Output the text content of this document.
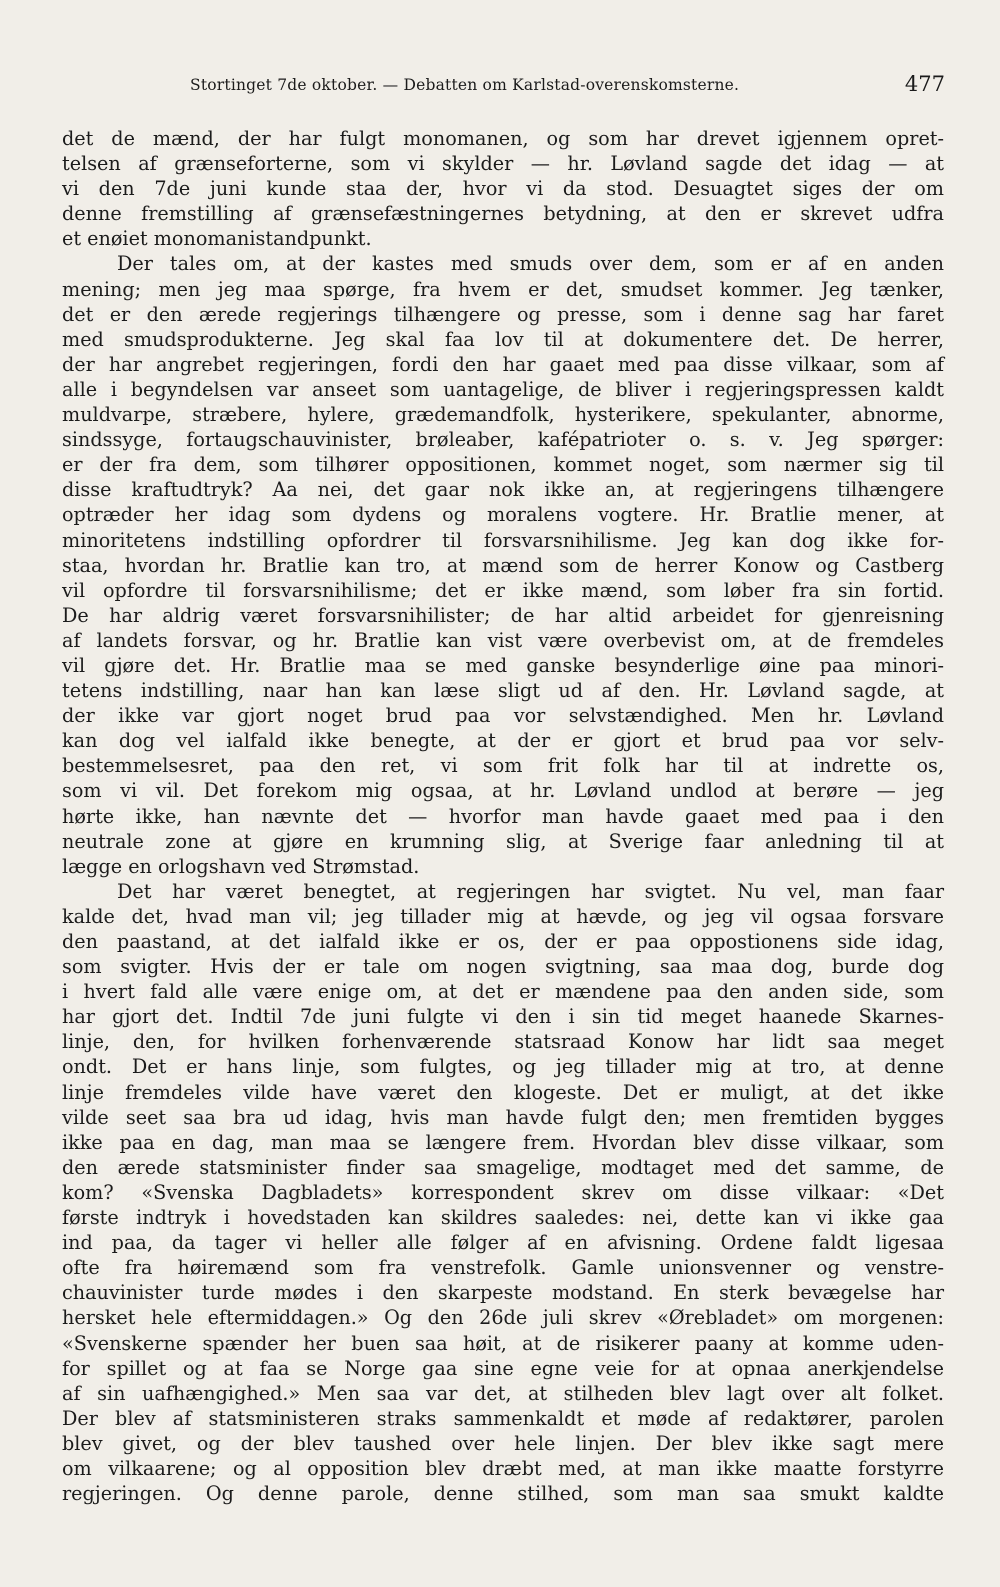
Stortinget 7de oktober. — Debatten om Karlstad-overenskomsterne.	477
det de mænd, der har fulgt monomanen, og som har drevet igjennem opret-
telsen af grænseforterne, som vi skylder — hr. Løvland sagde det idag — at
vi den 7de juni kunde staa der, hvor vi da stod. Desuagtet siges der om
denne fremstilling af grænsefæstningernes betydning, at den er skrevet udfra
et enøiet monomanistandpunkt.
Der tales om, at der kastes med smuds over dem, som er af en anden
mening; men jeg maa spørge, fra hvem er det, smudset kommer. Jeg tænker,
det er den ærede regjerings tilhængere og presse, som i denne sag har faret
med smudsprodukterne. Jeg skal faa lov til at dokumentere det. De herrer,
der har angrebet regjeringen, fordi den har gaaet med paa disse vilkaar, som af
alle i begyndelsen var anseet som uantagelige, de bliver i regjeringspressen kaldt
muldvarpe, stræbere, hylere, grædemandfolk, hysterikere, spekulanter, abnorme,
sindssyge, fortaugschauvinister, brøleaber, kafépatrioter o. s. v. Jeg spørger:
er der fra dem, som tilhører oppositionen, kommet noget, som nærmer sig til
disse kraftudtryk? Aa nei, det gaar nok ikke an, at regjeringens tilhængere
optræder her idag som dydens og moralens vogtere. Hr. Bratlie mener, at
minoritetens indstilling opfordrer til forsvarsnihilisme. Jeg kan dog ikke for-
staa, hvordan hr. Bratlie kan tro, at mænd som de herrer Konow og Castberg
vil opfordre til forsvarsnihilisme; det er ikke mænd, som løber fra sin fortid.
De har aldrig været forsvarsnihilister; de har altid arbeidet for gjenreisning
af landets forsvar, og hr. Bratlie kan vist være overbevist om, at de fremdeles
vil gjøre det. Hr. Bratlie maa se med ganske besynderlige øine paa minori-
tetens indstilling, naar han kan læse sligt ud af den. Hr. Løvland sagde, at
der ikke var gjort noget brud paa vor selvstændighed. Men hr. Løvland
kan dog vel ialfald ikke benegte, at der er gjort et brud paa vor selv-
bestemmelsesret, paa den ret, vi som frit folk har til at indrette os,
som vi vil. Det forekom mig ogsaa, at hr. Løvland undlod at berøre — jeg
hørte ikke, han nævnte det — hvorfor man havde gaaet med paa i den
neutrale zone at gjøre en krumning slig, at Sverige faar anledning til at
lægge en orlogshavn ved Strømstad.
Det har været benegtet, at regjeringen har svigtet. Nu vel, man faar
kalde det, hvad man vil; jeg tillader mig at hævde, og jeg vil ogsaa forsvare
den paastand, at det ialfald ikke er os, der er paa oppostionens side idag,
som svigter. Hvis der er tale om nogen svigtning, saa maa dog, burde dog
i hvert fald alle være enige om, at det er mændene paa den anden side, som
har gjort det. Indtil 7de juni fulgte vi den i sin tid meget haanede Skarnes-
linje, den, for hvilken forhenværende statsraad Konow har lidt saa meget
ondt. Det er hans linje, som fulgtes, og jeg tillader mig at tro, at denne
linje fremdeles vilde have været den klogeste. Det er muligt, at det ikke
vilde seet saa bra ud idag, hvis man havde fulgt den; men fremtiden bygges
ikke paa en dag, man maa se længere frem. Hvordan blev disse vilkaar, som
den ærede statsminister finder saa smagelige, modtaget med det samme, de
kom? «Svenska Dagbladets» korrespondent skrev om disse vilkaar: «Det
første indtryk i hovedstaden kan skildres saaledes: nei, dette kan vi ikke gaa
ind paa, da tager vi heller alle følger af en afvisning. Ordene faldt ligesaa
ofte fra høiremænd som fra venstrefolk. Gamle unionsvenner og venstre-
chauvinister turde mødes i den skarpeste modstand. En sterk bevægelse har
hersket hele eftermiddagen.» Og den 26de juli skrev «Ørebladet» om morgenen:
«Svenskerne spænder her buen saa høit, at de risikerer paany at komme uden-
for spillet og at faa se Norge gaa sine egne veie for at opnaa anerkjendelse
af sin uafhængighed.» Men saa var det, at stilheden blev lagt over alt folket.
Der blev af statsministeren straks sammenkaldt et møde af redaktører, parolen
blev givet, og der blev taushed over hele linjen. Der blev ikke sagt mere
om vilkaarene; og al opposition blev dræbt med, at man ikke maatte forstyrre
regjeringen. Og denne parole, denne stilhed, som man saa smukt kaldte
